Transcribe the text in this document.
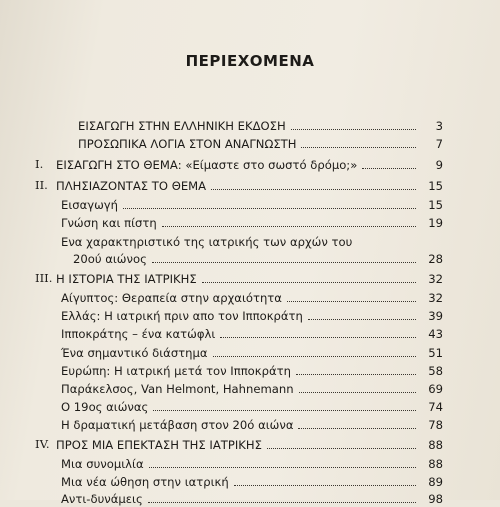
ΠΕΡΙΕΧΟΜΕΝΑ
ΕΙΣΑΓΩΓΗ ΣΤΗΝ ΕΛΛΗΝΙΚΗ ΕΚΔΟΣΗ	3
ΠΡΟΣΩΠΙΚΑ ΛΟΓΙΑ ΣΤΟΝ ΑΝΑΓΝΩΣΤΗ	7
I. ΕΙΣΑΓΩΓΗ ΣΤΟ ΘΕΜΑ: «Είμαστε στο σωστό δρόμο;»	9
II. ΠΛΗΣΙΑΖΟΝΤΑΣ ΤΟ ΘΕΜΑ	15
Εισαγωγή	15
Γνώση και πίστη	19
Ενα χαρακτηριστικό της ιατρικής των αρχών του
20ού αιώνος	28
III. Η ΙΣΤΟΡΙΑ ΤΗΣ ΙΑΤΡΙΚΗΣ	32
Αίγυπτος: Θεραπεία στην αρχαιότητα	32
Ελλάς: Η ιατρική πριν απο τον Ιπποκράτη	39
Ιπποκράτης – ένα κατώφλι	43
Ένα σημαντικό διάστημα	51
Ευρώπη: Η ιατρική μετά τον Ιπποκράτη	58
Παράκελσος, Van Helmont, Hahnemann	69
Ο 19ος αιώνας	74
Η δραματική μετάβαση στον 20ό αιώνα	78
IV. ΠΡΟΣ ΜΙΑ ΕΠΕΚΤΑΣΗ ΤΗΣ ΙΑΤΡΙΚΗΣ	88
Μια συνομιλία	88
Μια νέα ώθηση στην ιατρική	89
Αντι-δυνάμεις	98
